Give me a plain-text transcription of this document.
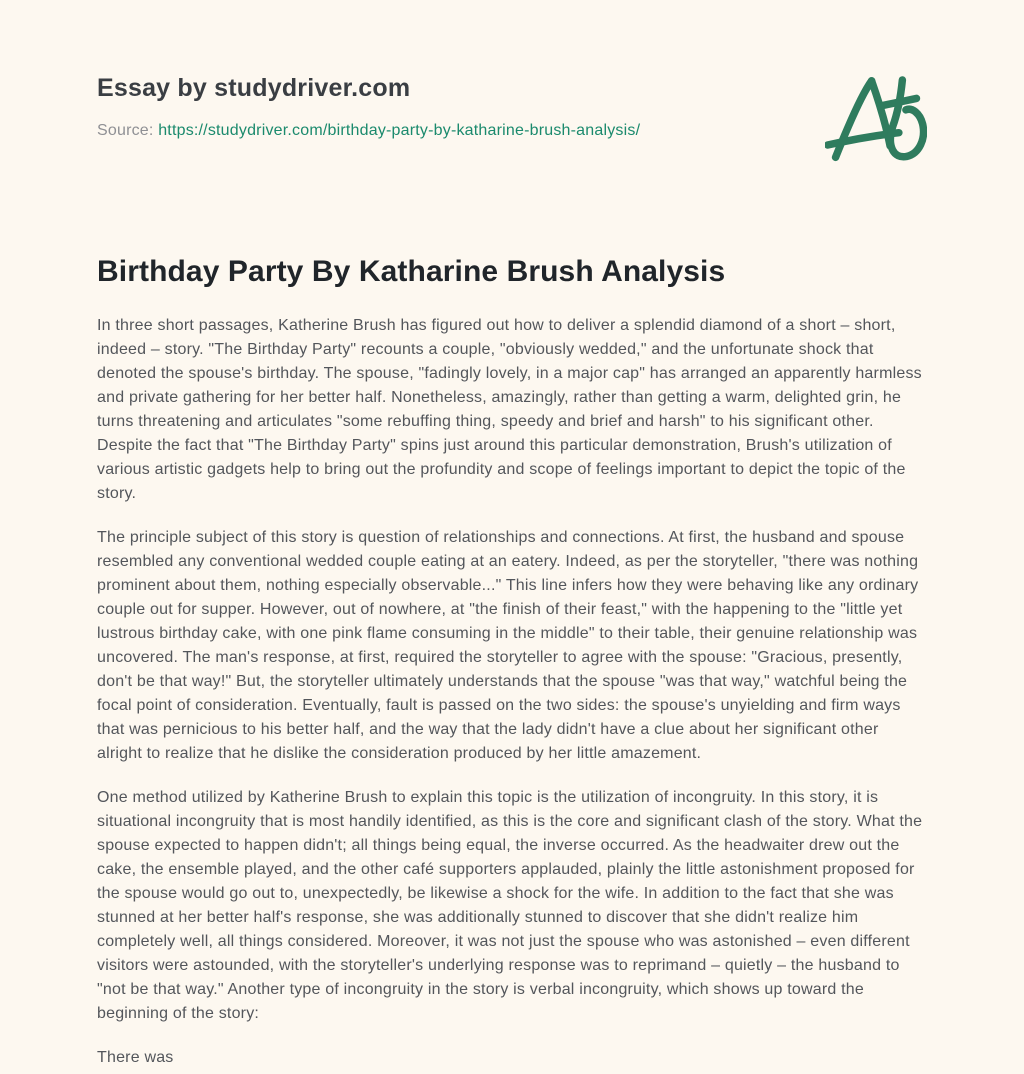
Essay by studydriver.com
Source: https://studydriver.com/birthday-party-by-katharine-brush-analysis/
Birthday Party By Katharine Brush Analysis

In three short passages, Katherine Brush has figured out how to deliver a splendid diamond of a short – short, indeed – story. "The Birthday Party" recounts a couple, "obviously wedded," and the unfortunate shock that denoted the spouse's birthday. The spouse, "fadingly lovely, in a major cap" has arranged an apparently harmless and private gathering for her better half. Nonetheless, amazingly, rather than getting a warm, delighted grin, he turns threatening and articulates "some rebuffing thing, speedy and brief and harsh" to his significant other. Despite the fact that "The Birthday Party" spins just around this particular demonstration, Brush's utilization of various artistic gadgets help to bring out the profundity and scope of feelings important to depict the topic of the story.

The principle subject of this story is question of relationships and connections. At first, the husband and spouse resembled any conventional wedded couple eating at an eatery. Indeed, as per the storyteller, "there was nothing prominent about them, nothing especially observable..." This line infers how they were behaving like any ordinary couple out for supper. However, out of nowhere, at "the finish of their feast," with the happening to the "little yet lustrous birthday cake, with one pink flame consuming in the middle" to their table, their genuine relationship was uncovered. The man's response, at first, required the storyteller to agree with the spouse: "Gracious, presently, don't be that way!" But, the storyteller ultimately understands that the spouse "was that way," watchful being the focal point of consideration. Eventually, fault is passed on the two sides: the spouse's unyielding and firm ways that was pernicious to his better half, and the way that the lady didn't have a clue about her significant other alright to realize that he dislike the consideration produced by her little amazement.

One method utilized by Katherine Brush to explain this topic is the utilization of incongruity. In this story, it is situational incongruity that is most handily identified, as this is the core and significant clash of the story. What the spouse expected to happen didn't; all things being equal, the inverse occurred. As the headwaiter drew out the cake, the ensemble played, and the other café supporters applauded, plainly the little astonishment proposed for the spouse would go out to, unexpectedly, be likewise a shock for the wife. In addition to the fact that she was stunned at her better half's response, she was additionally stunned to discover that she didn't realize him completely well, all things considered. Moreover, it was not just the spouse who was astonished – even different visitors were astounded, with the storyteller's underlying response was to reprimand – quietly – the husband to "not be that way." Another type of incongruity in the story is verbal incongruity, which shows up toward the beginning of the story:

There was
